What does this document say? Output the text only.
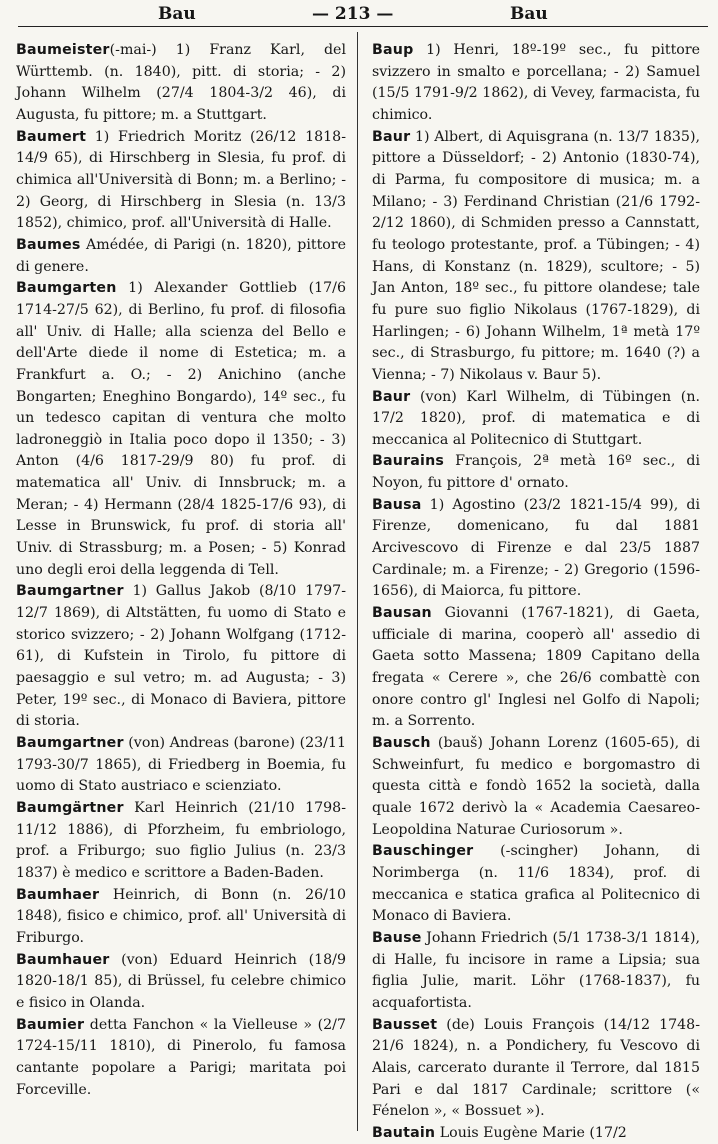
Bau	— 213 —	Bau

Baumeister(-mai-) 1) Franz Karl, del Württemb. (n. 1840), pitt. di storia; - 2) Johann Wilhelm (27/4 1804-3/2 46), di Augusta, fu pittore; m. a Stuttgart.

Baumert 1) Friedrich Moritz (26/12 1818-14/9 65), di Hirschberg in Slesia, fu prof. di chimica all'Università di Bonn; m. a Berlino; - 2) Georg, di Hirschberg in Slesia (n. 13/3 1852), chimico, prof. all'Università di Halle.

Baumes Amédée, di Parigi (n. 1820), pittore di genere.

Baumgarten 1) Alexander Gottlieb (17/6 1714-27/5 62), di Berlino, fu prof. di filosofia all' Univ. di Halle; alla scienza del Bello e dell'Arte diede il nome di Estetica; m. a Frankfurt a. O.; - 2) Anichino (anche Bongarten; Eneghino Bongardo), 14º sec., fu un tedesco capitan di ventura che molto ladroneggiò in Italia poco dopo il 1350; - 3) Anton (4/6 1817-29/9 80) fu prof. di matematica all' Univ. di Innsbruck; m. a Meran; - 4) Hermann (28/4 1825-17/6 93), di Lesse in Brunswick, fu prof. di storia all' Univ. di Strassburg; m. a Posen; - 5) Konrad uno degli eroi della leggenda di Tell.

Baumgartner 1) Gallus Jakob (8/10 1797-12/7 1869), di Altstätten, fu uomo di Stato e storico svizzero; - 2) Johann Wolfgang (1712-61), di Kufstein in Tirolo, fu pittore di paesaggio e sul vetro; m. ad Augusta; - 3) Peter, 19º sec., di Monaco di Baviera, pittore di storia.

Baumgartner (von) Andreas (barone) (23/11 1793-30/7 1865), di Friedberg in Boemia, fu uomo di Stato austriaco e scienziato.

Baumgärtner Karl Heinrich (21/10 1798-11/12 1886), di Pforzheim, fu embriologo, prof. a Friburgo; suo figlio Julius (n. 23/3 1837) è medico e scrittore a Baden-Baden.

Baumhaer Heinrich, di Bonn (n. 26/10 1848), fisico e chimico, prof. all' Università di Friburgo.

Baumhauer (von) Eduard Heinrich (18/9 1820-18/1 85), di Brüssel, fu celebre chimico e fisico in Olanda.

Baumier detta Fanchon « la Vielleuse » (2/7 1724-15/11 1810), di Pinerolo, fu famosa cantante popolare a Parigi; maritata poi Forceville.

Baup 1) Henri, 18º-19º sec., fu pittore svizzero in smalto e porcellana; - 2) Samuel (15/5 1791-9/2 1862), di Vevey, farmacista, fu chimico.

Baur 1) Albert, di Aquisgrana (n. 13/7 1835), pittore a Düsseldorf; - 2) Antonio (1830-74), di Parma, fu compositore di musica; m. a Milano; - 3) Ferdinand Christian (21/6 1792-2/12 1860), di Schmiden presso a Cannstatt, fu teologo protestante, prof. a Tübingen; - 4) Hans, di Konstanz (n. 1829), scultore; - 5) Jan Anton, 18º sec., fu pittore olandese; tale fu pure suo figlio Nikolaus (1767-1829), di Harlingen; - 6) Johann Wilhelm, 1ª metà 17º sec., di Strasburgo, fu pittore; m. 1640 (?) a Vienna; - 7) Nikolaus v. Baur 5).

Baur (von) Karl Wilhelm, di Tübingen (n. 17/2 1820), prof. di matematica e di meccanica al Politecnico di Stuttgart.

Baurains François, 2ª metà 16º sec., di Noyon, fu pittore d' ornato.

Bausa 1) Agostino (23/2 1821-15/4 99), di Firenze, domenicano, fu dal 1881 Arcivescovo di Firenze e dal 23/5 1887 Cardinale; m. a Firenze; - 2) Gregorio (1596-1656), di Maiorca, fu pittore.

Bausan Giovanni (1767-1821), di Gaeta, ufficiale di marina, cooperò all' assedio di Gaeta sotto Massena; 1809 Capitano della fregata « Cerere », che 26/6 combattè con onore contro gl' Inglesi nel Golfo di Napoli; m. a Sorrento.

Bausch (bauš) Johann Lorenz (1605-65), di Schweinfurt, fu medico e borgomastro di questa città e fondò 1652 la società, dalla quale 1672 derivò la « Academia Caesareo-Leopoldina Naturae Curiosorum ».

Bauschinger (-scingher) Johann, di Norimberga (n. 11/6 1834), prof. di meccanica e statica grafica al Politecnico di Monaco di Baviera.

Bause Johann Friedrich (5/1 1738-3/1 1814), di Halle, fu incisore in rame a Lipsia; sua figlia Julie, marit. Löhr (1768-1837), fu acquafortista.

Bausset (de) Louis François (14/12 1748-21/6 1824), n. a Pondichery, fu Vescovo di Alais, carcerato durante il Terrore, dal 1815 Pari e dal 1817 Cardinale; scrittore (« Fénelon », « Bossuet »).

Bautain Louis Eugène Marie (17/2
